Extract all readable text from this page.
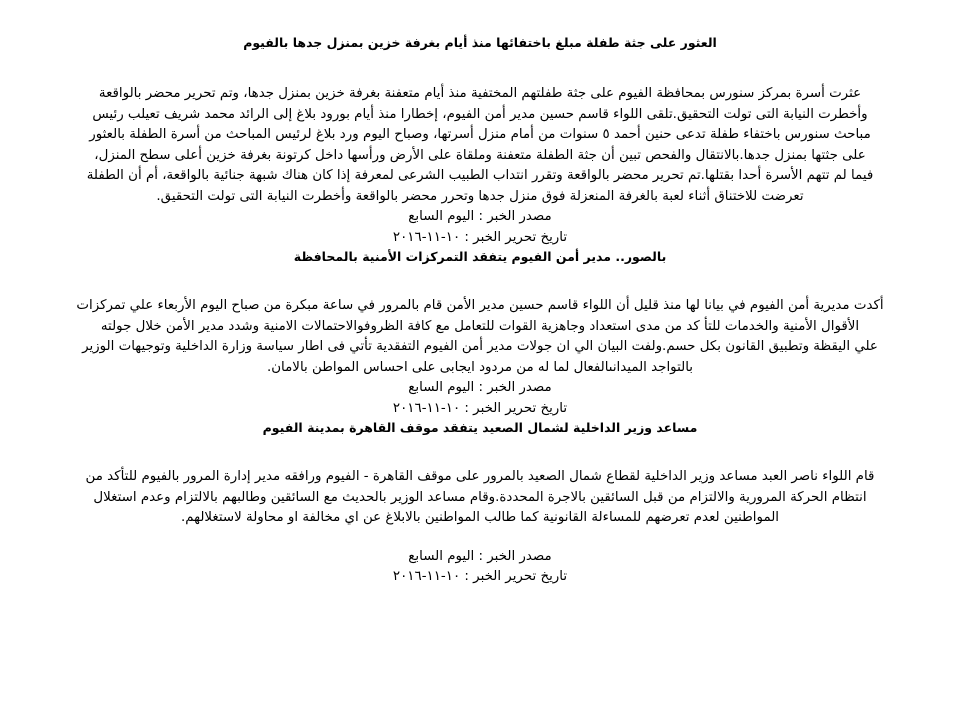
العثور على جثة طفلة مبلغ باختفائها منذ أيام بغرفة خزين بمنزل جدها بالفيوم

عثرت أسرة بمركز سنورس بمحافظة الفيوم على جثة طفلتهم المختفية منذ أيام متعفنة بغرفة خزين بمنزل جدها، وتم تحرير محضر بالواقعة
وأخطرت النيابة التى تولت التحقيق.تلقى اللواء قاسم حسين مدير أمن الفيوم، إخطارا منذ أيام بورود بلاغ إلى الرائد محمد شريف تعيلب رئيس
مباحث سنورس باختفاء طفلة تدعى حنين أحمد ٥ سنوات من أمام منزل أسرتها، وصباح اليوم ورد بلاغ لرئيس المباحث من أسرة الطفلة بالعثور
على جثتها بمنزل جدها.بالانتقال والفحص تبين أن جثة الطفلة متعفنة وملقاة على الأرض ورأسها داخل كرتونة بغرفة خزين أعلى سطح المنزل،
فيما لم تتهم الأسرة أحدا بقتلها.تم تحرير محضر بالواقعة وتقرر انتداب الطبيب الشرعى لمعرفة إذا كان هناك شبهة جنائية بالواقعة، أم أن الطفلة
تعرضت للاختناق أثناء لعبة بالغرفة المنعزلة فوق منزل جدها وتحرر محضر بالواقعة وأخطرت النيابة التى تولت التحقيق.

مصدر الخبر : اليوم السابع

تاريخ تحرير الخبر : ١٠-١١-٢٠١٦

بالصور.. مدير أمن الفيوم يتفقد التمركزات الأمنية بالمحافظة

أكدت مديرية أمن الفيوم في بيانا لها منذ قليل أن اللواء قاسم حسين مدير الأمن قام بالمرور في ساعة مبكرة من صباح اليوم الأربعاء علي تمركزات
الأقوال الأمنية والخدمات للتأ كد من مدى استعداد وجاهزية القوات للتعامل مع كافة الظروفوالاحتمالات الامنية وشدد مدير الأمن خلال جولته
علي اليقظة وتطبيق القانون بكل حسم.ولفت البيان الي ان جولات مدير أمن الفيوم التفقدية تأتي فى اطار سياسة وزارة الداخلية وتوجيهات الوزير
بالتواجد الميدانىالفعال لما له من مردود ايجابى على احساس المواطن بالامان.

مصدر الخبر : اليوم السابع

تاريخ تحرير الخبر : ١٠-١١-٢٠١٦

مساعد وزير الداخلية لشمال الصعيد يتفقد موقف القاهرة بمدينة الفيوم

قام اللواء ناصر العبد مساعد وزير الداخلية لقطاع شمال الصعيد بالمرور على موقف القاهرة - الفيوم ورافقه مدير إدارة المرور بالفيوم للتأكد من
انتظام الحركة المرورية والالتزام من قبل السائقين بالاجرة المحددة.وقام مساعد الوزير بالحديث مع السائقين وطالبهم بالالتزام وعدم استغلال
المواطنين لعدم تعرضهم للمساءلة القانونية كما طالب المواطنين بالابلاغ عن اي مخالفة او محاولة لاستغلالهم.

مصدر الخبر : اليوم السابع

تاريخ تحرير الخبر : ١٠-١١-٢٠١٦
